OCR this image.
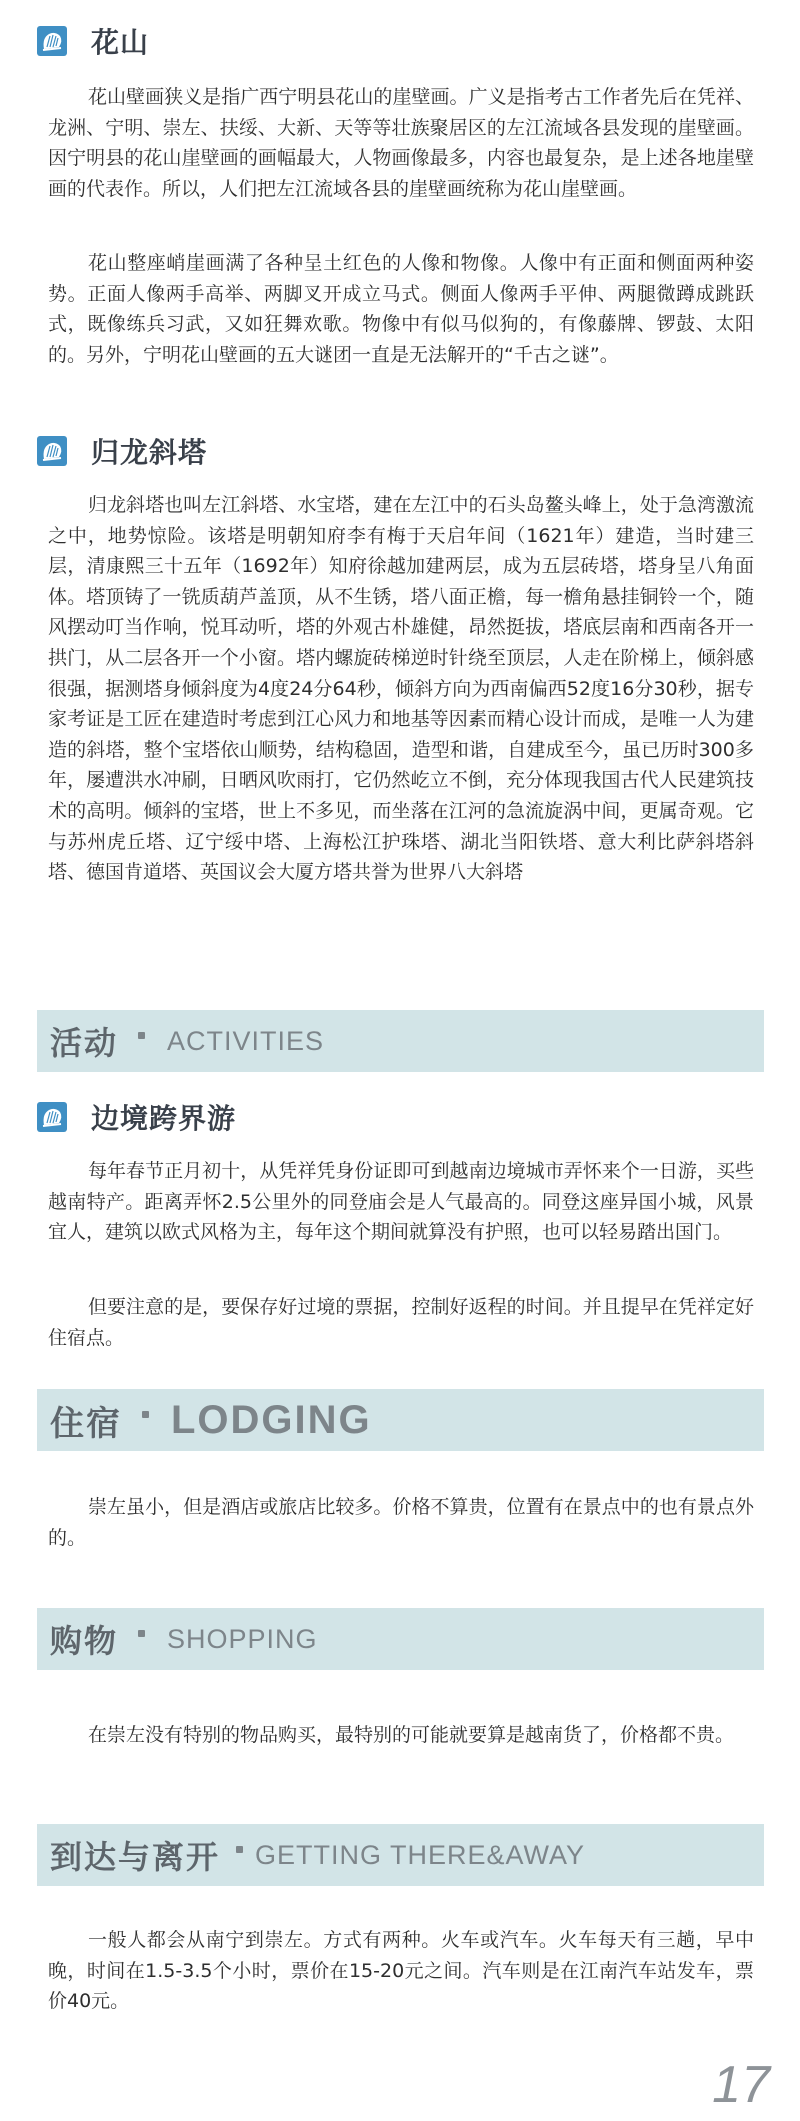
花山

花山壁画狭义是指广西宁明县花山的崖壁画。广义是指考古工作者先后在凭祥、龙洲、宁明、崇左、扶绥、大新、天等等壮族聚居区的左江流域各县发现的崖壁画。因宁明县的花山崖壁画的画幅最大，人物画像最多，内容也最复杂，是上述各地崖壁画的代表作。所以，人们把左江流域各县的崖壁画统称为花山崖壁画。

花山整座峭崖画满了各种呈土红色的人像和物像。人像中有正面和侧面两种姿势。正面人像两手高举、两脚叉开成立马式。侧面人像两手平伸、两腿微蹲成跳跃式，既像练兵习武，又如狂舞欢歌。物像中有似马似狗的，有像藤牌、锣鼓、太阳的。另外，宁明花山壁画的五大谜团一直是无法解开的“千古之谜”。

归龙斜塔

归龙斜塔也叫左江斜塔、水宝塔，建在左江中的石头岛鳌头峰上，处于急湾激流之中，地势惊险。该塔是明朝知府李有梅于天启年间（1621年）建造，当时建三层，清康熙三十五年（1692年）知府徐越加建两层，成为五层砖塔，塔身呈八角面体。塔顶铸了一铣质葫芦盖顶，从不生锈，塔八面正檐，每一檐角悬挂铜铃一个，随风摆动叮当作响，悦耳动听，塔的外观古朴雄健，昂然挺拔，塔底层南和西南各开一拱门，从二层各开一个小窗。塔内螺旋砖梯逆时针绕至顶层，人走在阶梯上，倾斜感很强，据测塔身倾斜度为4度24分64秒，倾斜方向为西南偏西52度16分30秒，据专家考证是工匠在建造时考虑到江心风力和地基等因素而精心设计而成，是唯一人为建造的斜塔，整个宝塔依山顺势，结构稳固，造型和谐，自建成至今，虽已历时300多年，屡遭洪水冲刷，日晒风吹雨打，它仍然屹立不倒，充分体现我国古代人民建筑技术的高明。倾斜的宝塔，世上不多见，而坐落在江河的急流旋涡中间，更属奇观。它与苏州虎丘塔、辽宁绥中塔、上海松江护珠塔、湖北当阳铁塔、意大利比萨斜塔斜塔、德国肯道塔、英国议会大厦方塔共誉为世界八大斜塔

活动 ACTIVITIES
边境跨界游

每年春节正月初十，从凭祥凭身份证即可到越南边境城市弄怀来个一日游，买些越南特产。距离弄怀2.5公里外的同登庙会是人气最高的。同登这座异国小城，风景宜人，建筑以欧式风格为主，每年这个期间就算没有护照，也可以轻易踏出国门。

但要注意的是，要保存好过境的票据，控制好返程的时间。并且提早在凭祥定好住宿点。

住宿 LODGING

崇左虽小，但是酒店或旅店比较多。价格不算贵，位置有在景点中的也有景点外的。

购物 SHOPPING

在崇左没有特别的物品购买，最特别的可能就要算是越南货了，价格都不贵。

到达与离开 GETTING THERE&AWAY

一般人都会从南宁到崇左。方式有两种。火车或汽车。火车每天有三趟，早中晚，时间在1.5-3.5个小时，票价在15-20元之间。汽车则是在江南汽车站发车，票价40元。

17
